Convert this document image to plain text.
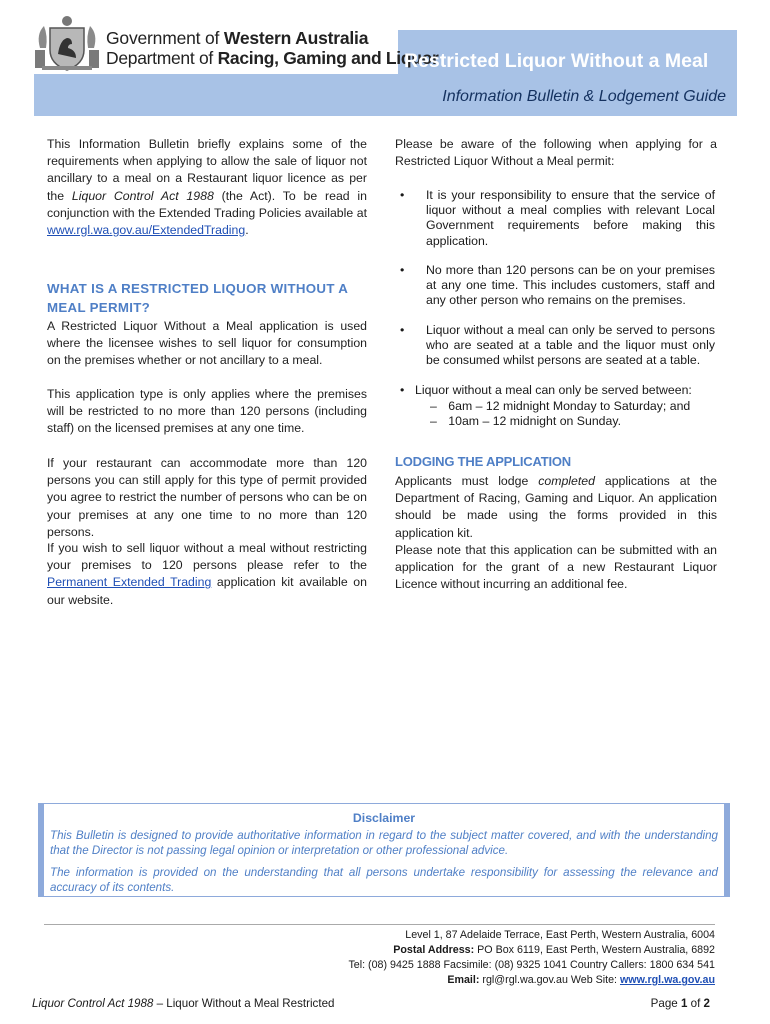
Government of Western Australia
Department of Racing, Gaming and Liquor
Restricted Liquor Without a Meal
Information Bulletin & Lodgement Guide

This Information Bulletin briefly explains some of the requirements when applying to allow the sale of liquor not ancillary to a meal on a Restaurant liquor licence as per the Liquor Control Act 1988 (the Act). To be read in conjunction with the Extended Trading Policies available at www.rgl.wa.gov.au/ExtendedTrading.

WHAT IS A RESTRICTED LIQUOR WITHOUT A MEAL PERMIT?

A Restricted Liquor Without a Meal application is used where the licensee wishes to sell liquor for consumption on the premises whether or not ancillary to a meal.

This application type is only applies where the premises will be restricted to no more than 120 persons (including staff) on the licensed premises at any one time.

If your restaurant can accommodate more than 120 persons you can still apply for this type of permit provided you agree to restrict the number of persons who can be on your premises at any one time to no more than 120 persons.

If you wish to sell liquor without a meal without restricting your premises to 120 persons please refer to the Permanent Extended Trading application kit available on our website.

Please be aware of the following when applying for a Restricted Liquor Without a Meal permit:

• It is your responsibility to ensure that the service of liquor without a meal complies with relevant Local Government requirements before making this application.
• No more than 120 persons can be on your premises at any one time. This includes customers, staff and any other person who remains on the premises.
• Liquor without a meal can only be served to persons who are seated at a table and the liquor must only be consumed whilst persons are seated at a table.
• Liquor without a meal can only be served between:
– 6am – 12 midnight Monday to Saturday; and
– 10am – 12 midnight on Sunday.
LODGING THE APPLICATION

Applicants must lodge completed applications at the Department of Racing, Gaming and Liquor. An application should be made using the forms provided in this application kit.

Please note that this application can be submitted with an application for the grant of a new Restaurant Liquor Licence without incurring an additional fee.

Disclaimer
This Bulletin is designed to provide authoritative information in regard to the subject matter covered, and with the understanding that the Director is not passing legal opinion or interpretation or other professional advice.
The information is provided on the understanding that all persons undertake responsibility for assessing the relevance and accuracy of its contents.
Level 1, 87 Adelaide Terrace, East Perth, Western Australia, 6004
Postal Address: PO Box 6119, East Perth, Western Australia, 6892
Tel: (08) 9425 1888 Facsimile: (08) 9325 1041 Country Callers: 1800 634 541
Email: rgl@rgl.wa.gov.au Web Site: www.rgl.wa.gov.au
Liquor Control Act 1988 – Liquor Without a Meal Restricted	Page 1 of 2
